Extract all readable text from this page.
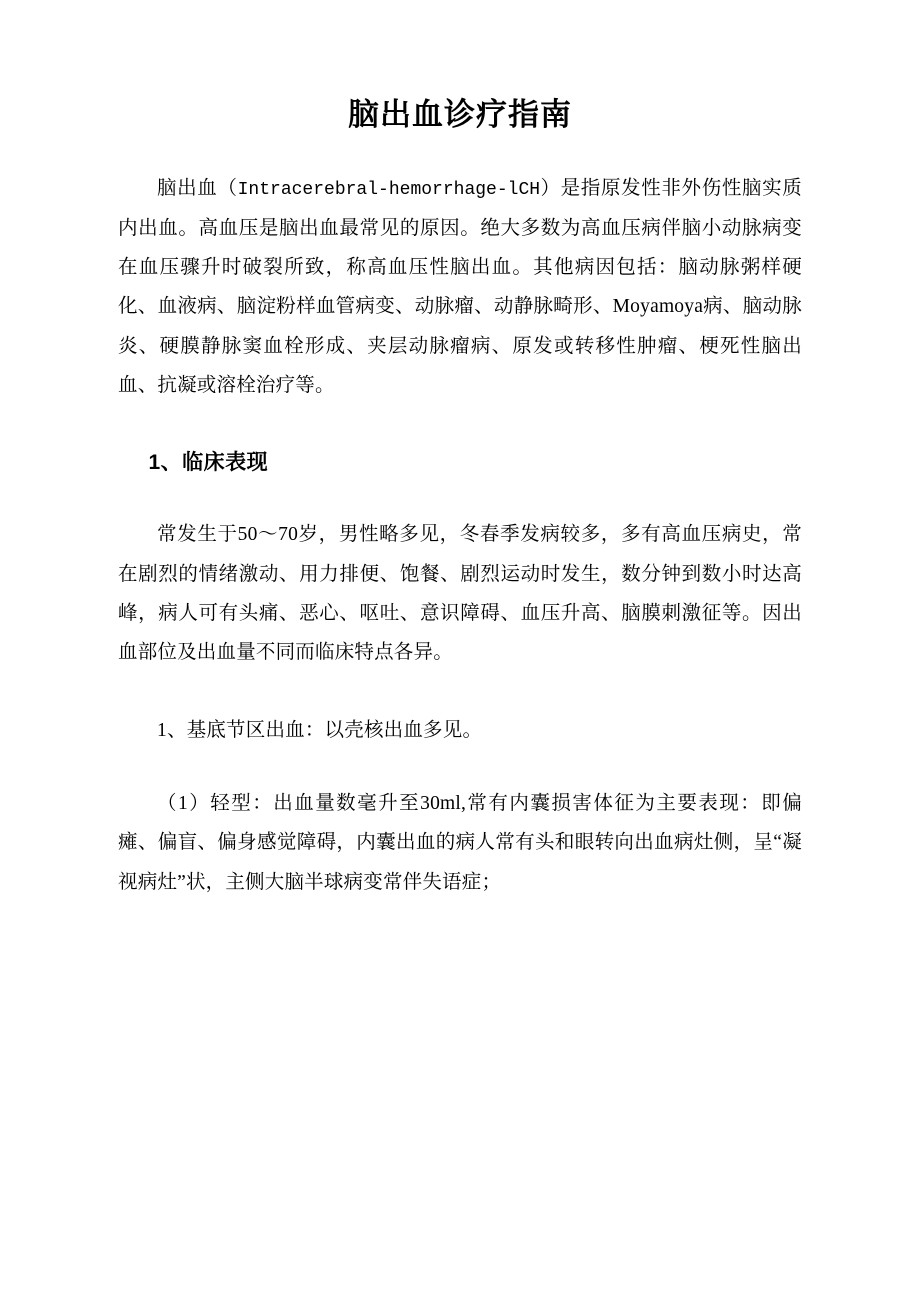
脑出血诊疗指南

脑出血（Intracerebral-hemorrhage-lCH）是指原发性非外伤性脑实质内出血。高血压是脑出血最常见的原因。绝大多数为高血压病伴脑小动脉病变在血压骤升时破裂所致，称高血压性脑出血。其他病因包括：脑动脉粥样硬化、血液病、脑淀粉样血管病变、动脉瘤、动静脉畸形、Moyamoya病、脑动脉炎、硬膜静脉窦血栓形成、夹层动脉瘤病、原发或转移性肿瘤、梗死性脑出血、抗凝或溶栓治疗等。

1、临床表现

常发生于50～70岁，男性略多见，冬春季发病较多，多有高血压病史，常在剧烈的情绪激动、用力排便、饱餐、剧烈运动时发生，数分钟到数小时达高峰，病人可有头痛、恶心、呕吐、意识障碍、血压升高、脑膜刺激征等。因出血部位及出血量不同而临床特点各异。

1、基底节区出血：以壳核出血多见。

（1）轻型：出血量数毫升至30ml,常有内囊损害体征为主要表现：即偏瘫、偏盲、偏身感觉障碍，内囊出血的病人常有头和眼转向出血病灶侧，呈“凝视病灶”状，主侧大脑半球病变常伴失语症；
